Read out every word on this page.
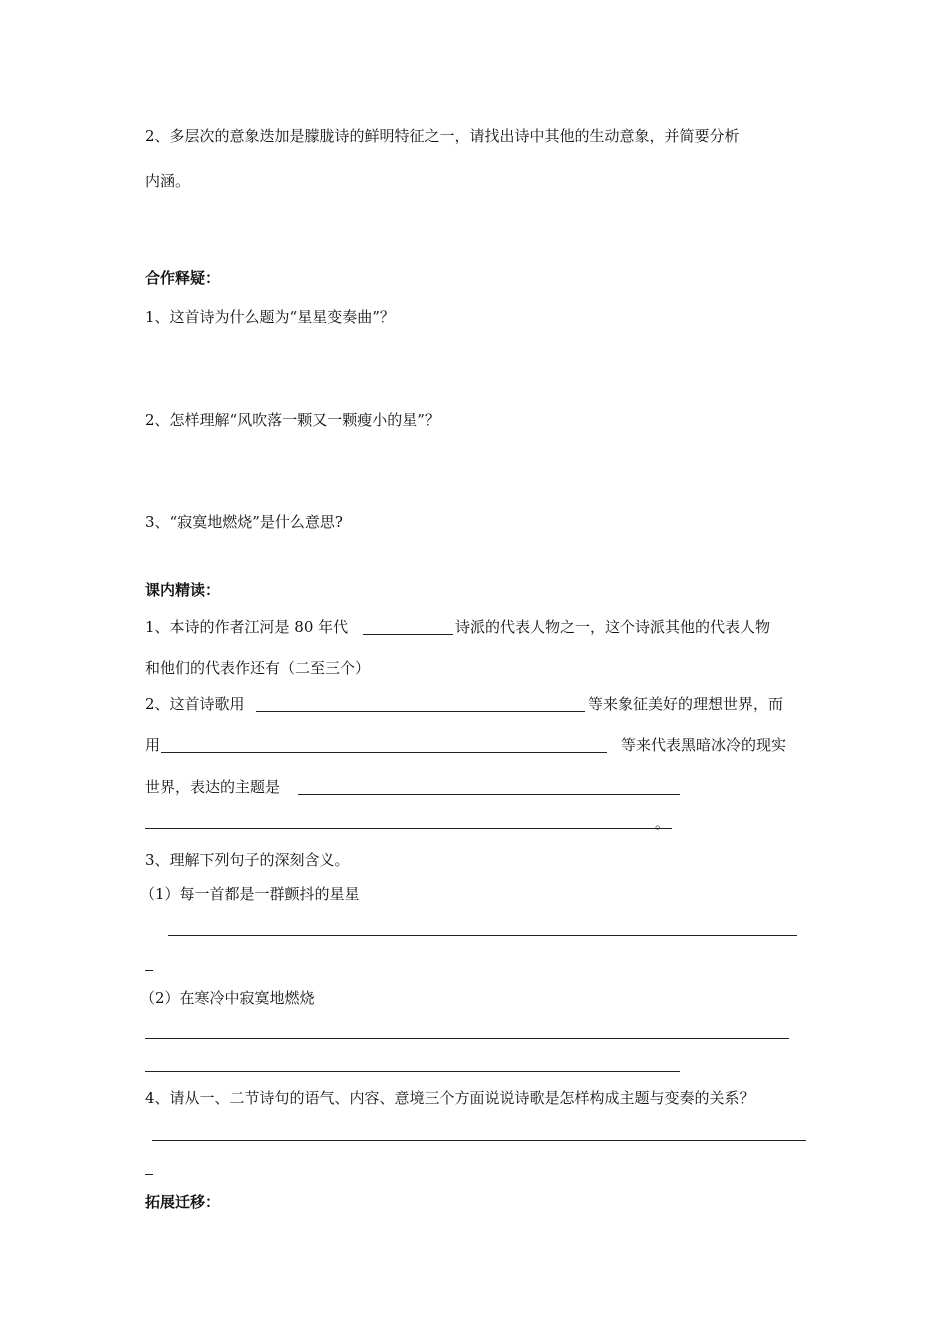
2、多层次的意象迭加是朦胧诗的鲜明特征之一，请找出诗中其他的生动意象，并简要分析
内涵。
合作释疑：
1、这首诗为什么题为“星星变奏曲”？
2、怎样理解“风吹落一颗又一颗瘦小的星”？
3、“寂寞地燃烧”是什么意思?
课内精读：
1、本诗的作者江河是 80 年代	诗派的代表人物之一，这个诗派其他的代表人物
和他们的代表作还有（二至三个）
2、这首诗歌用	等来象征美好的理想世界，而
用	等来代表黑暗冰冷的现实
世界，表达的主题是
。
3、理解下列句子的深刻含义。
（1）每一首都是一群颤抖的星星
（2）在寒冷中寂寞地燃烧
4、请从一、二节诗句的语气、内容、意境三个方面说说诗歌是怎样构成主题与变奏的关系？
拓展迁移：
